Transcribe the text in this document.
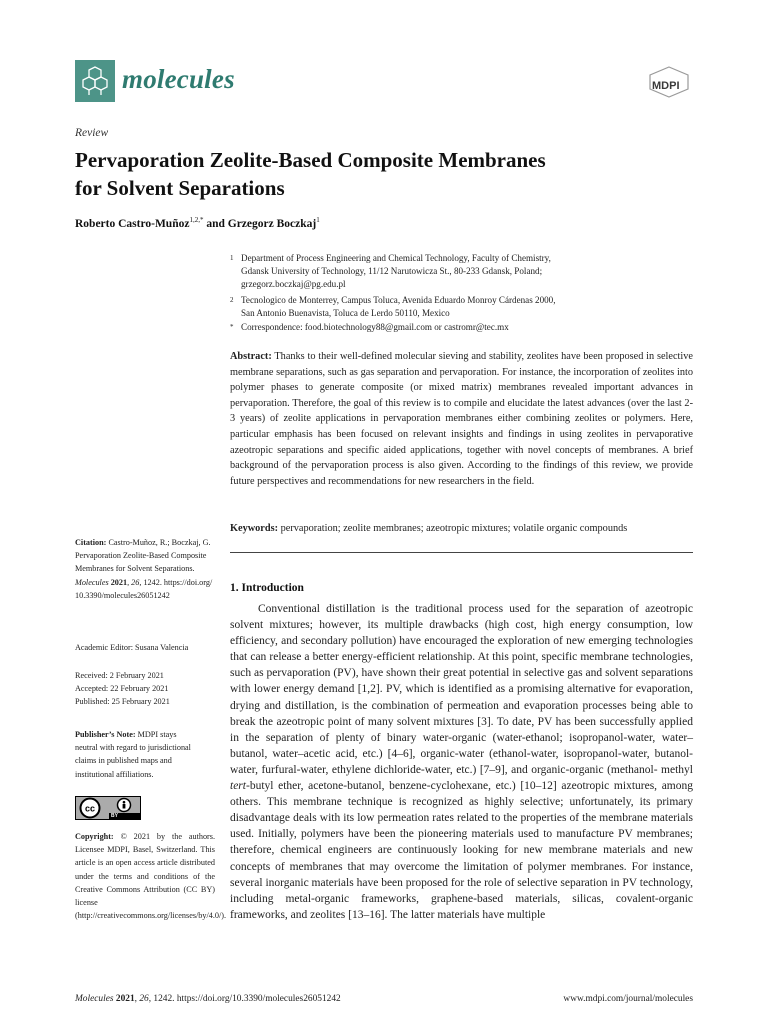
molecules	MDPI
Review
Pervaporation Zeolite-Based Composite Membranes
for Solvent Separations
Roberto Castro-Muñoz$^{1,2,*}$ and Grzegorz Boczkaj$^1$
1 Department of Process Engineering and Chemical Technology, Faculty of Chemistry,
Gdansk University of Technology, 11/12 Narutowicza St., 80-233 Gdansk, Poland;
grzegorz.boczkaj@pg.edu.pl
2 Tecnologico de Monterrey, Campus Toluca, Avenida Eduardo Monroy Cárdenas 2000,
San Antonio Buenavista, Toluca de Lerdo 50110, Mexico
* Correspondence: food.biotechnology88@gmail.com or castromr@tec.mx
Abstract: Thanks to their well-defined molecular sieving and stability, zeolites have been proposed in selective membrane separations, such as gas separation and pervaporation. For instance, the incorporation of zeolites into polymer phases to generate composite (or mixed matrix) membranes revealed important advances in pervaporation. Therefore, the goal of this review is to compile and elucidate the latest advances (over the last 2-3 years) of zeolite applications in pervaporation membranes either combining zeolites or polymers. Here, particular emphasis has been focused on relevant insights and findings in using zeolites in pervaporative azeotropic separations and specific aided applications, together with novel concepts of membranes. A brief background of the pervaporation process is also given. According to the findings of this review, we provide future perspectives and recommendations for new researchers in the field.
Keywords: pervaporation; zeolite membranes; azeotropic mixtures; volatile organic compounds
1. Introduction
Conventional distillation is the traditional process used for the separation of azeotropic solvent mixtures; however, its multiple drawbacks (high cost, high energy consumption, low efficiency, and secondary pollution) have encouraged the exploration of new emerging technologies that can release a better energy-efficient relationship. At this point, specific membrane technologies, such as pervaporation (PV), have shown their great potential in selective gas and solvent separations with lower energy demand [1,2]. PV, which is identified as a promising alternative for evaporation, drying and distillation, is the combination of permeation and evaporation processes being able to break the azeotropic point of many solvent mixtures [3]. To date, PV has been successfully applied in the separation of plenty of binary water-organic (water-ethanol; isopropanol-water, water–butanol, water–acetic acid, etc.) [4–6], organic-water (ethanol-water, isopropanol-water, butanol-water, furfural-water, ethylene dichloride-water, etc.) [7–9], and organic-organic (methanol- methyl tert-butyl ether, acetone-butanol, benzene-cyclohexane, etc.) [10–12] azeotropic mixtures, among others. This membrane technique is recognized as highly selective; unfortunately, its primary disadvantage deals with its low permeation rates related to the properties of the membrane materials used. Initially, polymers have been the pioneering materials used to manufacture PV membranes; therefore, chemical engineers are continuously looking for new membrane materials and new concepts of membranes that may overcome the limitation of polymer membranes. For instance, several inorganic materials have been proposed for the role of selective separation in PV technology, including metal-organic frameworks, graphene-based materials, silicas, covalent-organic frameworks, and zeolites [13–16]. The latter materials have multiple
Citation: Castro-Muñoz, R.; Boczkaj, G. Pervaporation Zeolite-Based Composite Membranes for Solvent Separations. Molecules 2021, 26, 1242. https://doi.org/10.3390/molecules26051242
Academic Editor: Susana Valencia
Received: 2 February 2021
Accepted: 22 February 2021
Published: 25 February 2021
Publisher’s Note: MDPI stays neutral with regard to jurisdictional claims in published maps and institutional affiliations.
cc
BY
Copyright: © 2021 by the authors. Licensee MDPI, Basel, Switzerland. This article is an open access article distributed under the terms and conditions of the Creative Commons Attribution (CC BY) license (http://creativecommons.org/licenses/by/4.0/).
Molecules 2021, 26, 1242. https://doi.org/10.3390/molecules26051242	www.mdpi.com/journal/molecules
